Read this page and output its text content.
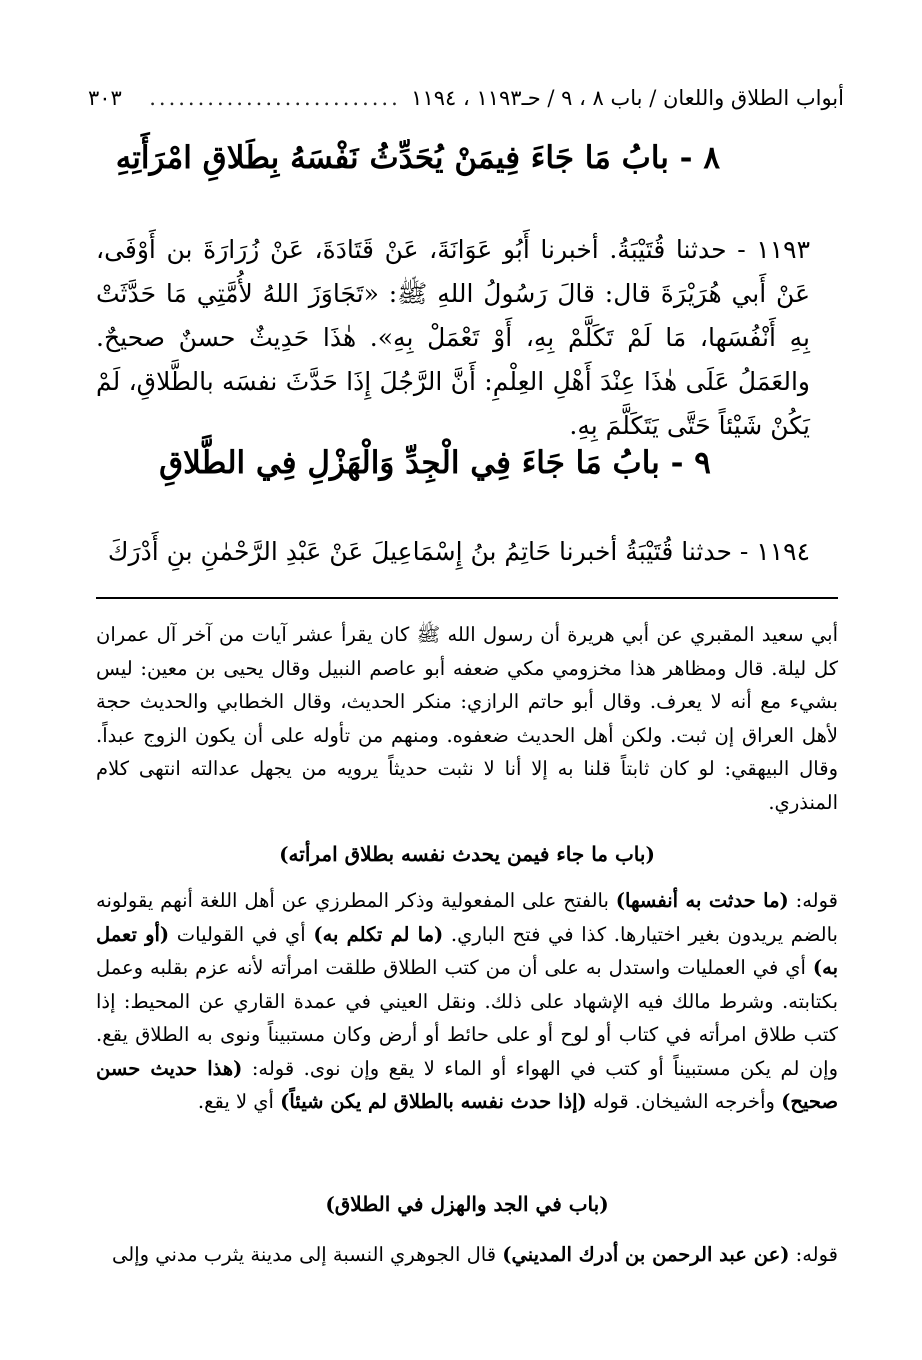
أبواب الطلاق واللعان / باب ٨ ، ٩ / حـ١١٩٣ ، ١١٩٤
..........................
٣٠٣
٨ - بابُ مَا جَاءَ فِيمَنْ يُحَدِّثُ نَفْسَهُ بِطَلاقِ امْرَأَتِهِ
١١٩٣ - حدثنا قُتَيْبَةُ. أخبرنا أَبُو عَوَانَةَ، عَنْ قَتَادَةَ، عَنْ زُرَارَةَ بن أَوْفَى، عَنْ أَبي هُرَيْرَةَ قال: قالَ رَسُولُ اللهِ ﷺ: «تَجَاوَزَ اللهُ لأُمَّتِي مَا حَدَّثَتْ بِهِ أَنْفُسَها، مَا لَمْ تَكَلَّمْ بِهِ، أَوْ تَعْمَلْ بِهِ». هٰذَا حَدِيثٌ حسنٌ صحيحٌ. والعَمَلُ عَلَى هٰذَا عِنْدَ أَهْلِ العِلْمِ: أَنَّ الرَّجُلَ إِذَا حَدَّثَ نفسَه بالطَّلاقِ، لَمْ يَكُنْ شَيْئاً حَتَّى يَتَكَلَّمَ بِهِ.
٩ - بابُ مَا جَاءَ فِي الْجِدِّ وَالْهَزْلِ فِي الطَّلاقِ
١١٩٤ - حدثنا قُتَيْبَةُ أخبرنا حَاتِمُ بنُ إِسْمَاعِيلَ عَنْ عَبْدِ الرَّحْمٰنِ بنِ أَدْرَكَ
أبي سعيد المقبري عن أبي هريرة أن رسول الله ﷺ كان يقرأ عشر آيات من آخر آل عمران كل ليلة. قال ومظاهر هذا مخزومي مكي ضعفه أبو عاصم النبيل وقال يحيى بن معين: ليس بشيء مع أنه لا يعرف. وقال أبو حاتم الرازي: منكر الحديث، وقال الخطابي والحديث حجة لأهل العراق إن ثبت. ولكن أهل الحديث ضعفوه. ومنهم من تأوله على أن يكون الزوج عبداً. وقال البيهقي: لو كان ثابتاً قلنا به إلا أنا لا نثبت حديثاً يرويه من يجهل عدالته انتهى كلام المنذري.
(باب ما جاء فيمن يحدث نفسه بطلاق امرأته)
قوله: (ما حدثت به أنفسها) بالفتح على المفعولية وذكر المطرزي عن أهل اللغة أنهم يقولونه بالضم يريدون بغير اختيارها. كذا في فتح الباري. (ما لم تكلم به) أي في القوليات (أو تعمل به) أي في العمليات واستدل به على أن من كتب الطلاق طلقت امرأته لأنه عزم بقلبه وعمل بكتابته. وشرط مالك فيه الإشهاد على ذلك. ونقل العيني في عمدة القاري عن المحيط: إذا كتب طلاق امرأته في كتاب أو لوح أو على حائط أو أرض وكان مستبيناً ونوى به الطلاق يقع. وإن لم يكن مستبيناً أو كتب في الهواء أو الماء لا يقع وإن نوى. قوله: (هذا حديث حسن صحيح) وأخرجه الشيخان. قوله (إذا حدث نفسه بالطلاق لم يكن شيئاً) أي لا يقع.
(باب في الجد والهزل في الطلاق)
قوله: (عن عبد الرحمن بن أدرك المديني) قال الجوهري النسبة إلى مدينة يثرب مدني وإلى
